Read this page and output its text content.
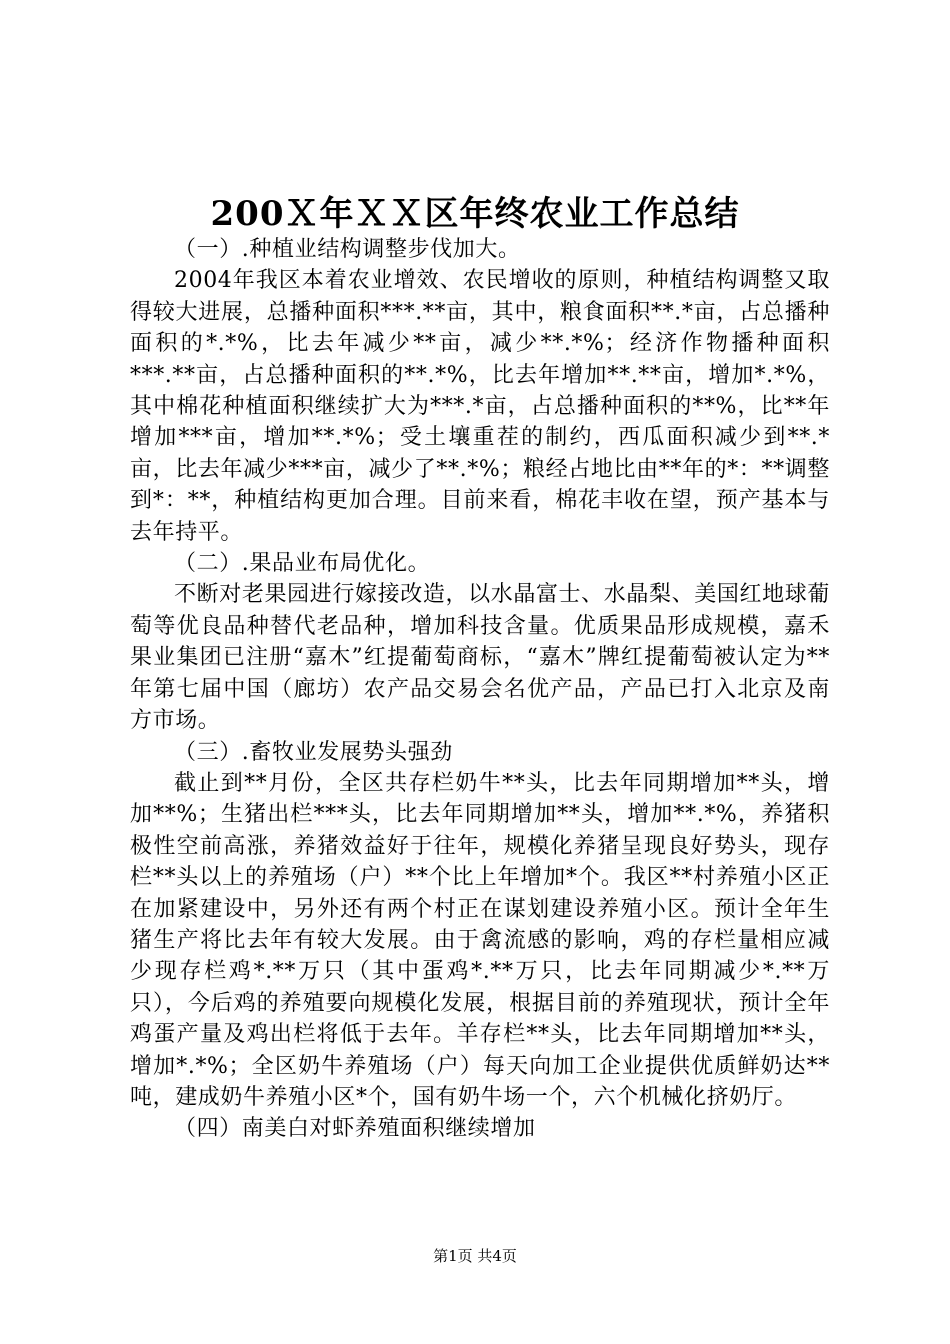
200Ｘ年ＸＸ区年终农业工作总结

（一）.种植业结构调整步伐加大。

2004年我区本着农业增效、农民增收的原则，种植结构调整又取得较大进展，总播种面积***.**亩，其中，粮食面积**.*亩，占总播种面积的*.*%，比去年减少**亩，减少**.*%；经济作物播种面积***.**亩，占总播种面积的**.*%，比去年增加**.**亩，增加*.*%，其中棉花种植面积继续扩大为***.*亩，占总播种面积的**%，比**年增加***亩，增加**.*%；受土壤重茬的制约，西瓜面积减少到**.*亩，比去年减少***亩，减少了**.*%；粮经占地比由**年的*：**调整到*：**，种植结构更加合理。目前来看，棉花丰收在望，预产基本与去年持平。

（二）.果品业布局优化。

不断对老果园进行嫁接改造，以水晶富士、水晶梨、美国红地球葡萄等优良品种替代老品种，增加科技含量。优质果品形成规模，嘉禾果业集团已注册“嘉木”红提葡萄商标，“嘉木”牌红提葡萄被认定为**年第七届中国（廊坊）农产品交易会名优产品，产品已打入北京及南方市场。

（三）.畜牧业发展势头强劲

截止到**月份，全区共存栏奶牛**头，比去年同期增加**头，增加**%；生猪出栏***头，比去年同期增加**头，增加**.*%，养猪积极性空前高涨，养猪效益好于往年，规模化养猪呈现良好势头，现存栏**头以上的养殖场（户）**个比上年增加*个。我区**村养殖小区正在加紧建设中，另外还有两个村正在谋划建设养殖小区。预计全年生猪生产将比去年有较大发展。由于禽流感的影响，鸡的存栏量相应减少现存栏鸡*.**万只（其中蛋鸡*.**万只，比去年同期减少*.**万只），今后鸡的养殖要向规模化发展，根据目前的养殖现状，预计全年鸡蛋产量及鸡出栏将低于去年。羊存栏**头，比去年同期增加**头，增加*.*%；全区奶牛养殖场（户）每天向加工企业提供优质鲜奶达**吨，建成奶牛养殖小区*个，国有奶牛场一个，六个机械化挤奶厅。

（四）南美白对虾养殖面积继续增加

第1页 共4页
